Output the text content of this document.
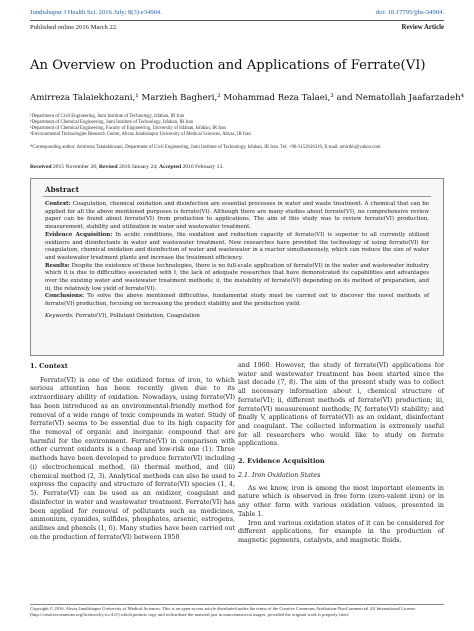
Jundishapur J Health Sci. 2016 July; 8(3):e34904.	doi: 10.17795/jjhs-34904.
Published online 2016 March 22.	Review Article
An Overview on Production and Applications of Ferrate(VI)
Amirreza Talaiekhozani,¹ Marzieh Bagheri,² Mohammad Reza Talaei,³ and Nematollah Jaafarzadeh⁴
¹Department of Civil Engineering, Jami Institute of Technology, Isfahan, IR Iran
²Department of Chemical Engineering, Jami Institute of Technology, Isfahan, IR Iran
³Department of Chemical Engineering, Faculty of Engineering, University of Isfahan, Isfahan, IR Iran
⁴Environmental Technologies Research Center, Ahvaz Jundishapur University of Medical Sciences, Ahvaz, IR Iran
*Corresponding author: Amirreza Talaiekhozani, Department of Civil Engineering, Jami Institute of Technology, Isfahan, IR Iran. Tel: +98-3152636319, E-mail: amirtkh@yahoo.com
Received 2015 November 20; Revised 2016 January 24; Accepted 2016 February 13.
Abstract

Context: Coagulation, chemical oxidation and disinfection are essential processes in water and waste treatment. A chemical that can be applied for all the above mentioned purposes is ferrate(VI). Although there are many studies about ferrate(VI), no comprehensive review paper can be found about ferrate(VI) from production to applications. The aim of this study was to review ferrate(VI) production, measurement, stability and utilization in water and wastewater treatment.

Evidence Acquisition: In acidic conditions, the oxidation and reduction capacity of ferrate(VI) is superior to all currently utilized oxidizers and disinfectants in water and wastewater treatment. New researches have provided the technology of using ferrate(VI) for coagulation, chemical oxidation and disinfection of water and wastewater in a reactor simultaneously, which can reduce the size of water and wastewater treatment plants and increase the treatment efficiency.

Results: Despite the existence of these technologies, there is no full-scale application of ferrate(VI) in the water and wastewater industry which it is due to difficulties associated with I, the lack of adequate researches that have demonstrated its capabilities and advantages over the existing water and wastewater treatment methods; ii, the instability of ferrate(VI) depending on its method of preparation, and iii, the relatively low yield of ferrate(VI).

Conclusions: To solve the above mentioned difficulties, fundamental study must be carried out to discover the novel methods of ferrate(VI) production, focusing on increasing the product stability and the production yield.

Keywords: Ferrate(VI), Pollutant Oxidation, Coagulation

1. Context

Ferrate(VI) is one of the oxidized forms of iron, to which serious attention has been recently given due to its extraordinary ability of oxidation. Nowadays, using ferrate(VI) has been introduced as an environmental-friendly method for removal of a wide range of toxic compounds in water. Study of ferrate(VI) seems to be essential due to its high capacity for the removal of organic and inorganic compound that are harmful for the environment. Ferrate(VI) in comparison with other current oxidants is a cheap and low-risk one (1). Three methods have been developed to produce ferrate(VI) including (i) electrochemical method, (ii) thermal method, and (iii) chemical method (2, 3). Analytical methods can also be used to express the capacity and structure of ferrate(VI) species (1, 4, 5). Ferrate(VI) can be used as an oxidizer, coagulant and disinfector in water and wastewater treatment. Ferrate(VI) has been applied for removal of pollutants such as medicines, ammonium, cyanides, sulfides, phosphates, arsenic, estrogens, anilines and phenols (1, 6). Many studies have been carried out on the production of ferrate(VI) between 1950

and 1960. However, the study of ferrate(VI) applications for water and wastewater treatment has been started since the last decade (7, 8). The aim of the present study was to collect all necessary information about i, chemical structure of ferrate(VI); ii, different methods of ferrate(VI) production; iii, ferrate(VI) measurement methods; IV, ferrate(VI) stability; and finally V, applications of ferrate(VI) as an oxidant, disinfectant and coagulant. The collected information is extremely useful for all researchers who would like to study on ferrate applications.

2. Evidence Acquisition

2.1. Iron Oxidation States

As we know, iron is among the most important elements in nature which is observed in free form (zero-valent iron) or in any other form with various oxidation values, presented in Table 1.

Iron and various oxidation states of it can be considered for different applications, for example in the production of magnetic pigments, catalysts, and magnetic fluids.

Copyright © 2016, Ahvaz Jundishapur University of Medical Sciences. This is an open-access article distributed under the terms of the Creative Commons Attribution-NonCommercial 4.0 International License (http://creativecommons.org/licenses/by-nc/4.0/) which permits copy and redistribute the material just in noncommercial usages, provided the original work is properly cited.
